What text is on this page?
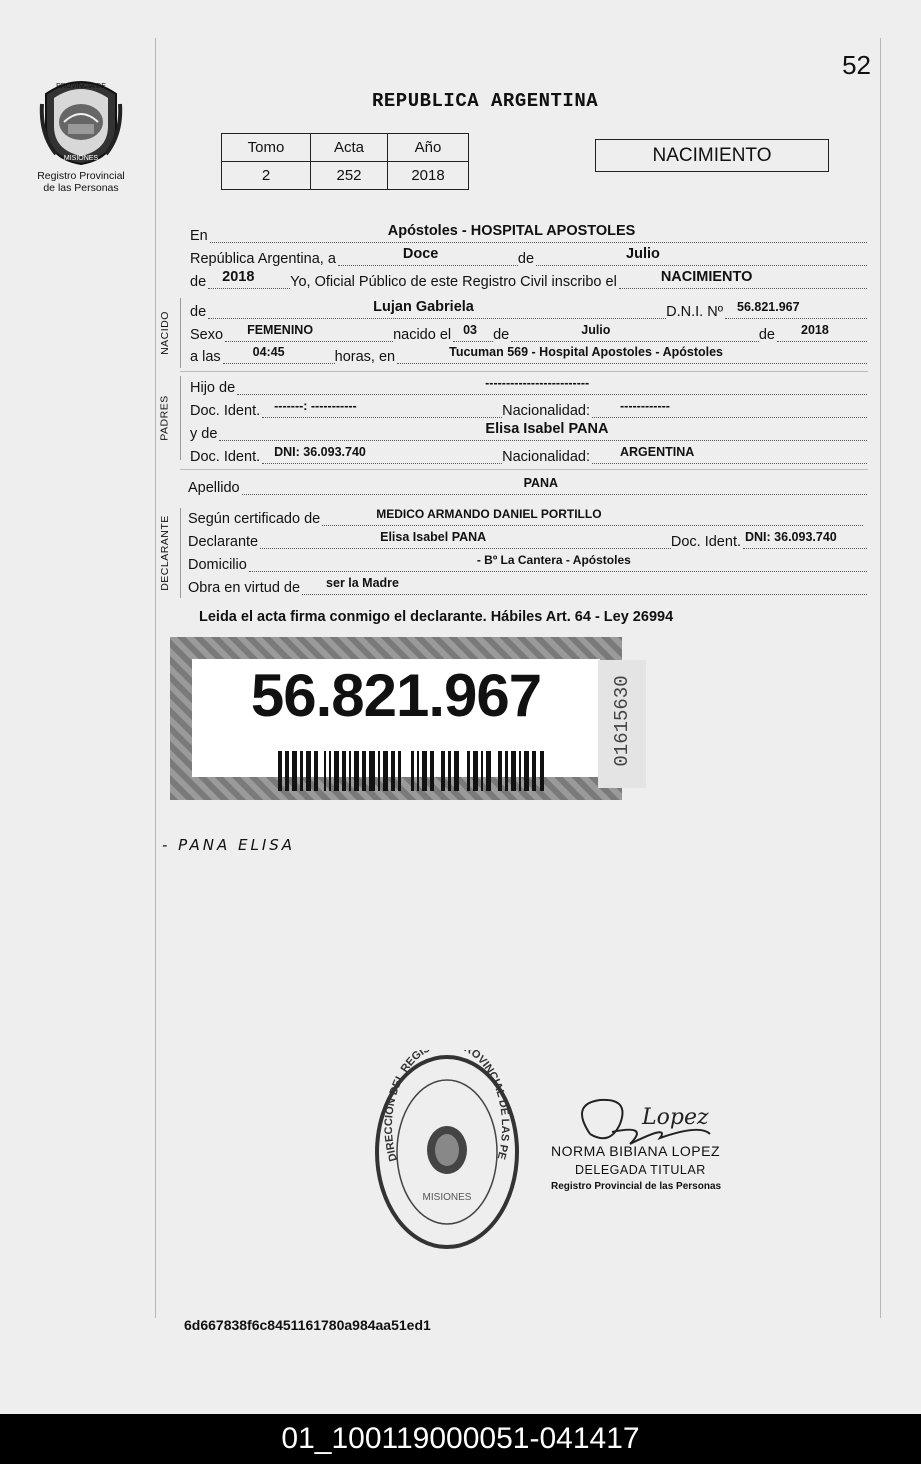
52
PROVINCIA DE
MISIONES
Registro Provincial
de las Personas
REPUBLICA ARGENTINA
Tomo	Acta	Año
2	252	2018
NACIMIENTO
En	Apóstoles - HOSPITAL APOSTOLES
República Argentina, a	Doce	de	Julio
de 2018 Yo, Oficial Público de este Registro Civil inscribo el	NACIMIENTO
NACIDO de	Lujan Gabriela	D.N.I. Nº 56.821.967
Sexo FEMENINO	nacido el 03 de	Julio	de 2018
a las	04:45	horas, en	Tucuman 569 - Hospital Apostoles - Apóstoles
PADRES
Hijo de	-------------------------
Doc. Ident. -------: -----------	Nacionalidad: ------------
y de	Elisa Isabel PANA
Doc. Ident. DNI: 36.093.740	Nacionalidad: ARGENTINA
Apellido	PANA
DECLARANTE Según certificado de	MEDICO ARMANDO DANIEL PORTILLO
Declarante	Elisa Isabel PANA	Doc. Ident. DNI: 36.093.740
Domicilio	- Bº La Cantera - Apóstoles
Obra en virtud de ser la Madre
Leida el acta firma conmigo el declarante. Hábiles Art. 64 - Ley 26994
56.821.967	01615630
- PANA ELISA
DIRECCION DEL REGI OVINCIAL DE LAS PE
MISIONES
Lopez
NORMA BIBIANA LOPEZ
DELEGADA TITULAR
Registro Provincial de las Personas
6d667838f6c8451161780a984aa51ed1
01_100119000051-041417
